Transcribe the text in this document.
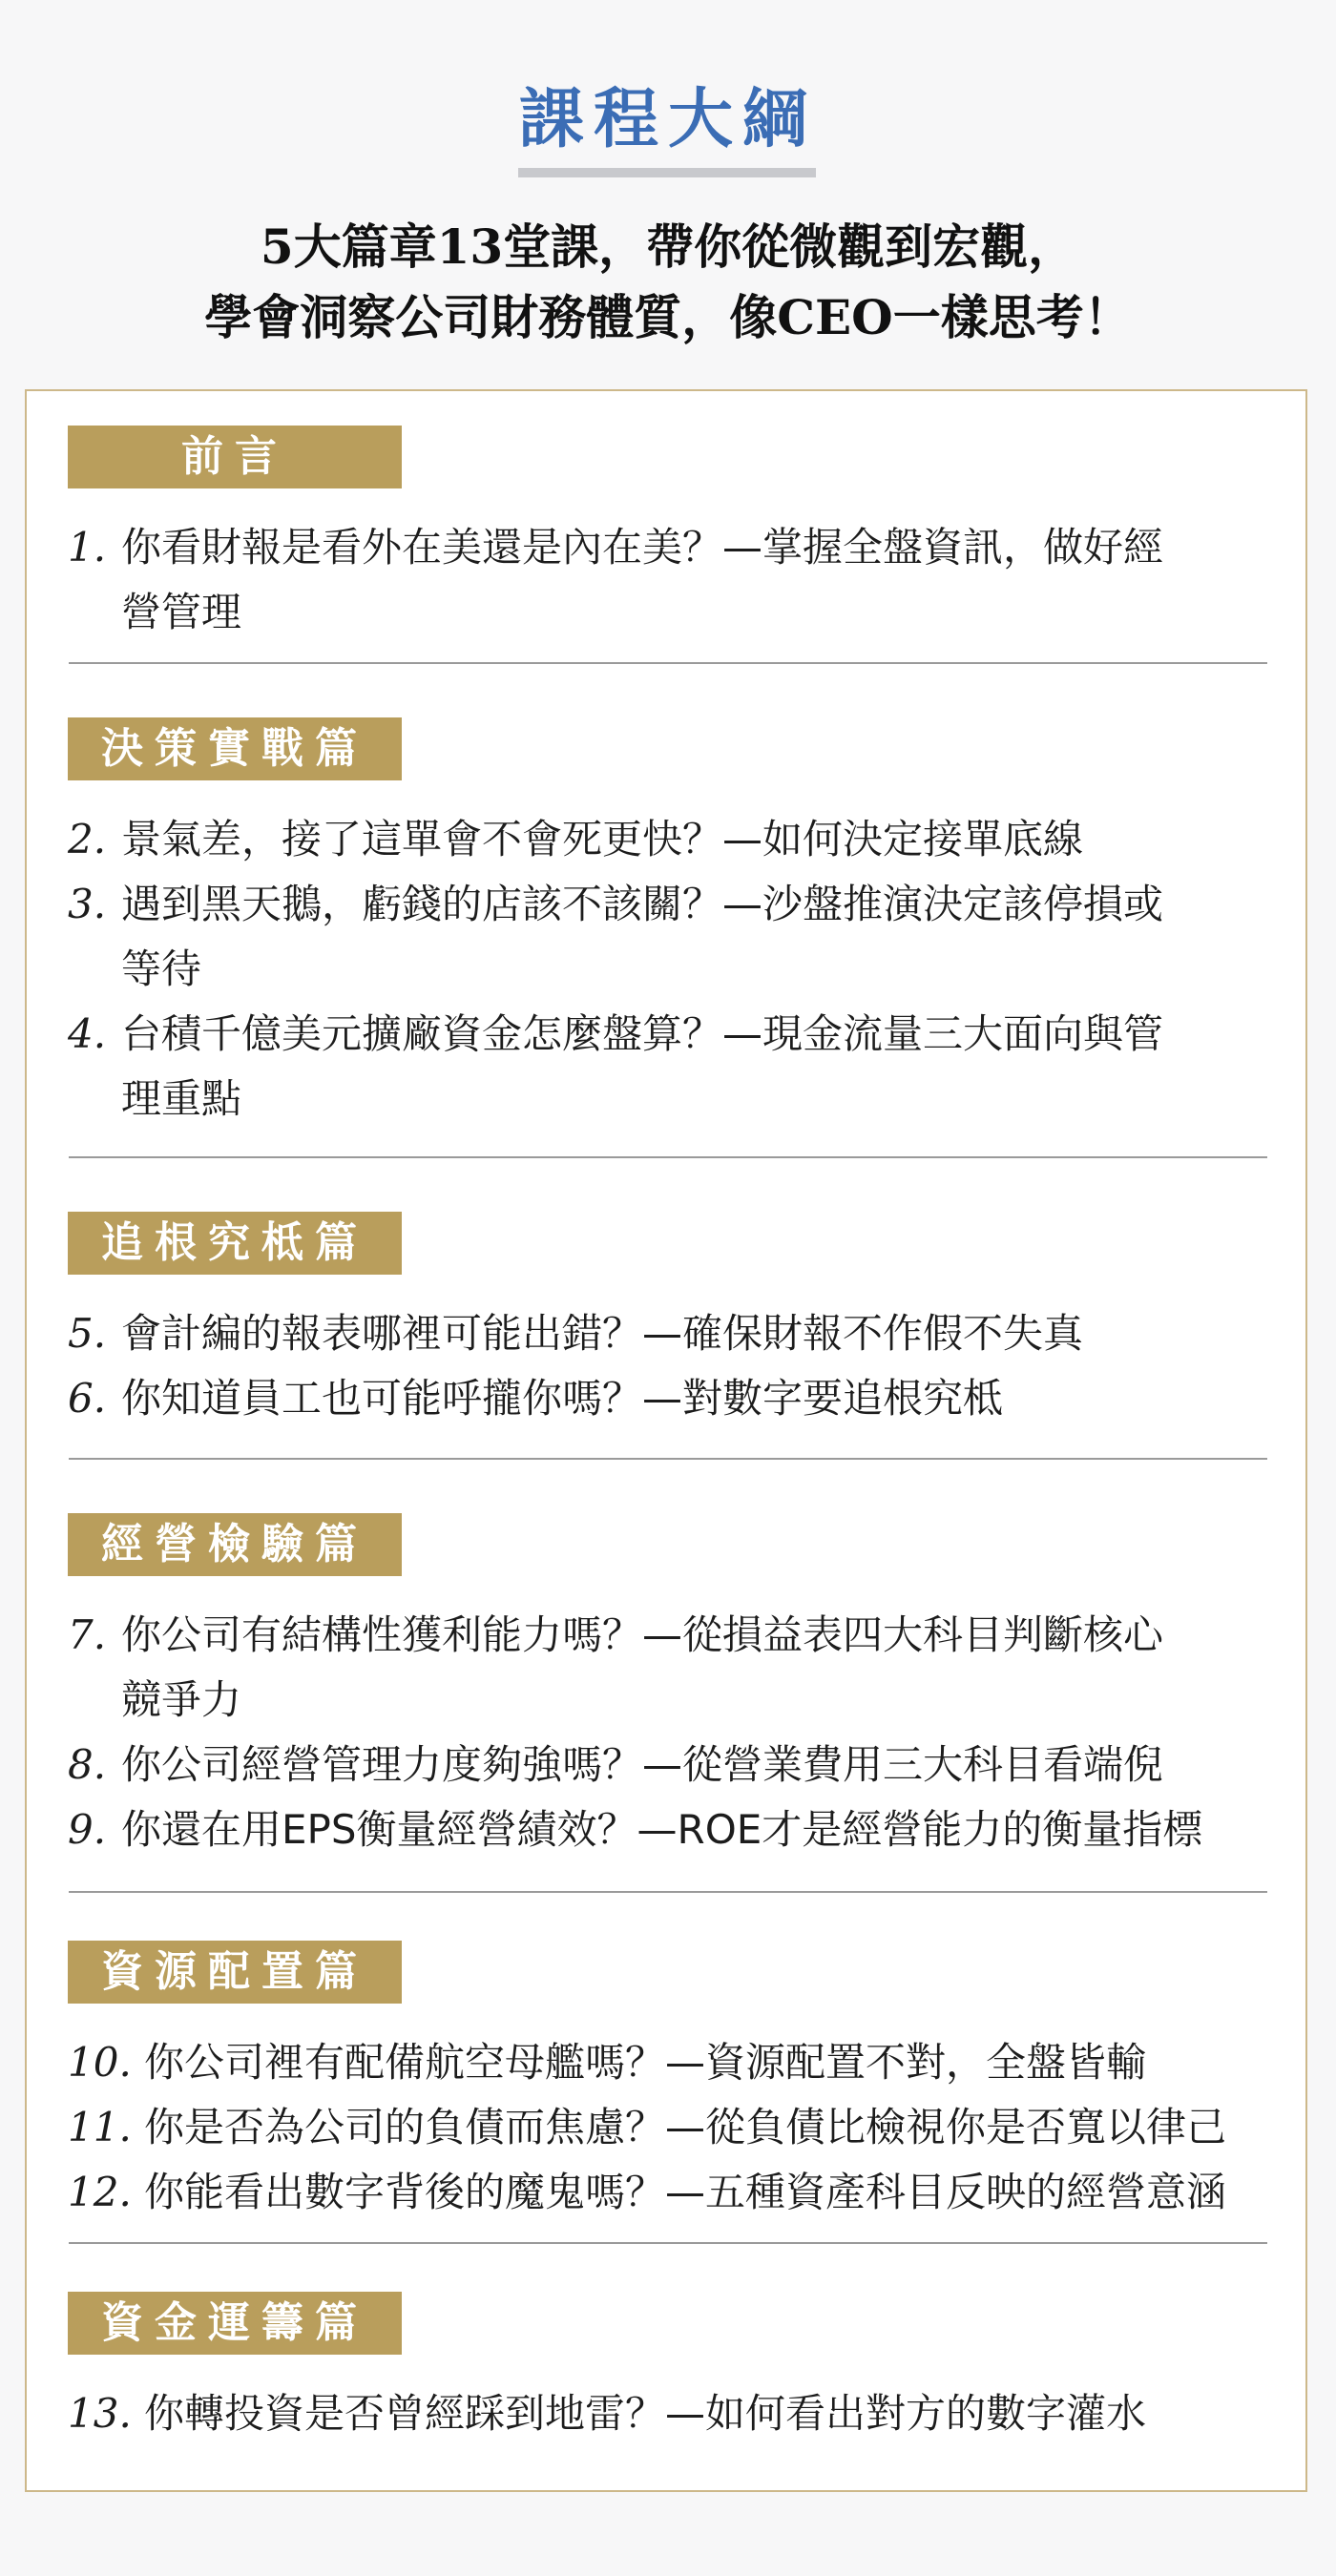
課程大綱
5大篇章13堂課，帶你從微觀到宏觀，
學會洞察公司財務體質，像CEO一樣思考！
前言
1. 你看財報是看外在美還是內在美？—掌握全盤資訊，做好經
營管理
決策實戰篇
2. 景氣差，接了這單會不會死更快？—如何決定接單底線
3. 遇到黑天鵝，虧錢的店該不該關？—沙盤推演決定該停損或
等待
4. 台積千億美元擴廠資金怎麼盤算？—現金流量三大面向與管
理重點
追根究柢篇
5. 會計編的報表哪裡可能出錯？—確保財報不作假不失真
6. 你知道員工也可能呼攏你嗎？—對數字要追根究柢
經營檢驗篇
7. 你公司有結構性獲利能力嗎？—從損益表四大科目判斷核心
競爭力
8. 你公司經營管理力度夠強嗎？—從營業費用三大科目看端倪
9. 你還在用EPS衡量經營績效？—ROE才是經營能力的衡量指標
資源配置篇
10. 你公司裡有配備航空母艦嗎？—資源配置不對，全盤皆輸
11. 你是否為公司的負債而焦慮？—從負債比檢視你是否寬以律己
12. 你能看出數字背後的魔鬼嗎？—五種資產科目反映的經營意涵
資金運籌篇
13. 你轉投資是否曾經踩到地雷？—如何看出對方的數字灌水
